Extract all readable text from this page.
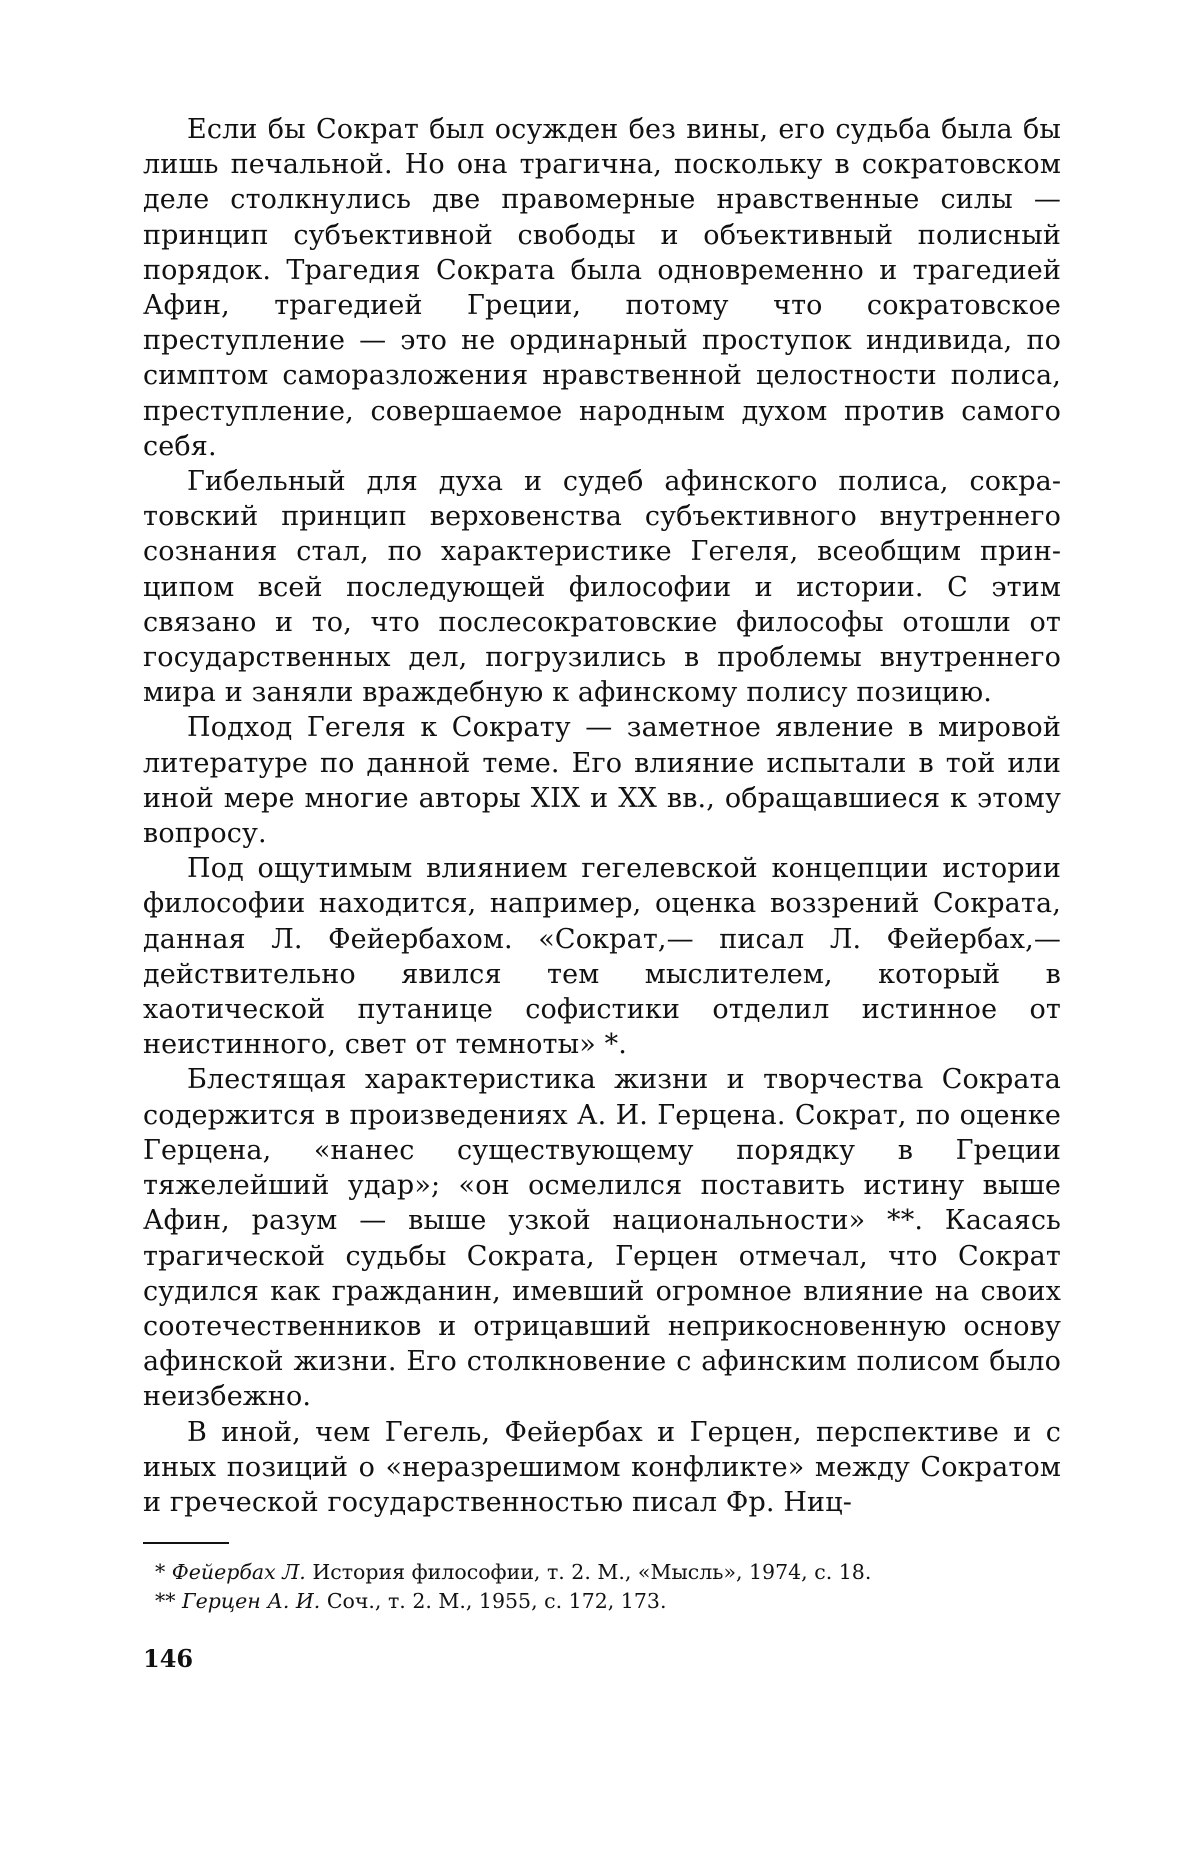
Если бы Сократ был осужден без вины, его судьба была бы лишь печальной. Но она трагична, поскольку в сократовском деле столкнулись две правомерные нравственные силы — принцип субъективной свободы и объективный полисный порядок. Трагедия Сократа была одновременно и трагедией Афин, трагедией Греции, потому что сократовское преступление — это не ординарный проступок индивида, по симптом саморазложения нравственной целостности полиса, преступление, совершаемое народным духом против самого себя.

Гибельный для духа и судеб афинского полиса, сократовский принцип верховенства субъективного внутреннего сознания стал, по характеристике Гегеля, всеобщим принципом всей последующей философии и истории. С этим связано и то, что послесократовские философы отошли от государственных дел, погрузились в проблемы внутреннего мира и заняли враждебную к афинскому полису позицию.

Подход Гегеля к Сократу — заметное явление в мировой литературе по данной теме. Его влияние испытали в той или иной мере многие авторы XIX и XX вв., обращавшиеся к этому вопросу.

Под ощутимым влиянием гегелевской концепции истории философии находится, например, оценка воззрений Сократа, данная Л. Фейербахом. «Сократ,— писал Л. Фейербах,— действительно явился тем мыслителем, который в хаотической путанице софистики отделил истинное от неистинного, свет от темноты» *.

Блестящая характеристика жизни и творчества Сократа содержится в произведениях А. И. Герцена. Сократ, по оценке Герцена, «нанес существующему порядку в Греции тяжелейший удар»; «он осмелился поставить истину выше Афин, разум — выше узкой национальности» **. Касаясь трагической судьбы Сократа, Герцен отмечал, что Сократ судился как гражданин, имевший огромное влияние на своих соотечественников и отрицавший неприкосновенную основу афинской жизни. Его столкновение с афинским полисом было неизбежно.

В иной, чем Гегель, Фейербах и Герцен, перспективе и с иных позиций о «неразрешимом конфликте» между Сократом и греческой государственностью писал Фр. Ниц-

* Фейербах Л. История философии, т. 2. М., «Мысль», 1974, с. 18.

** Герцен А. И. Соч., т. 2. М., 1955, с. 172, 173.

146
